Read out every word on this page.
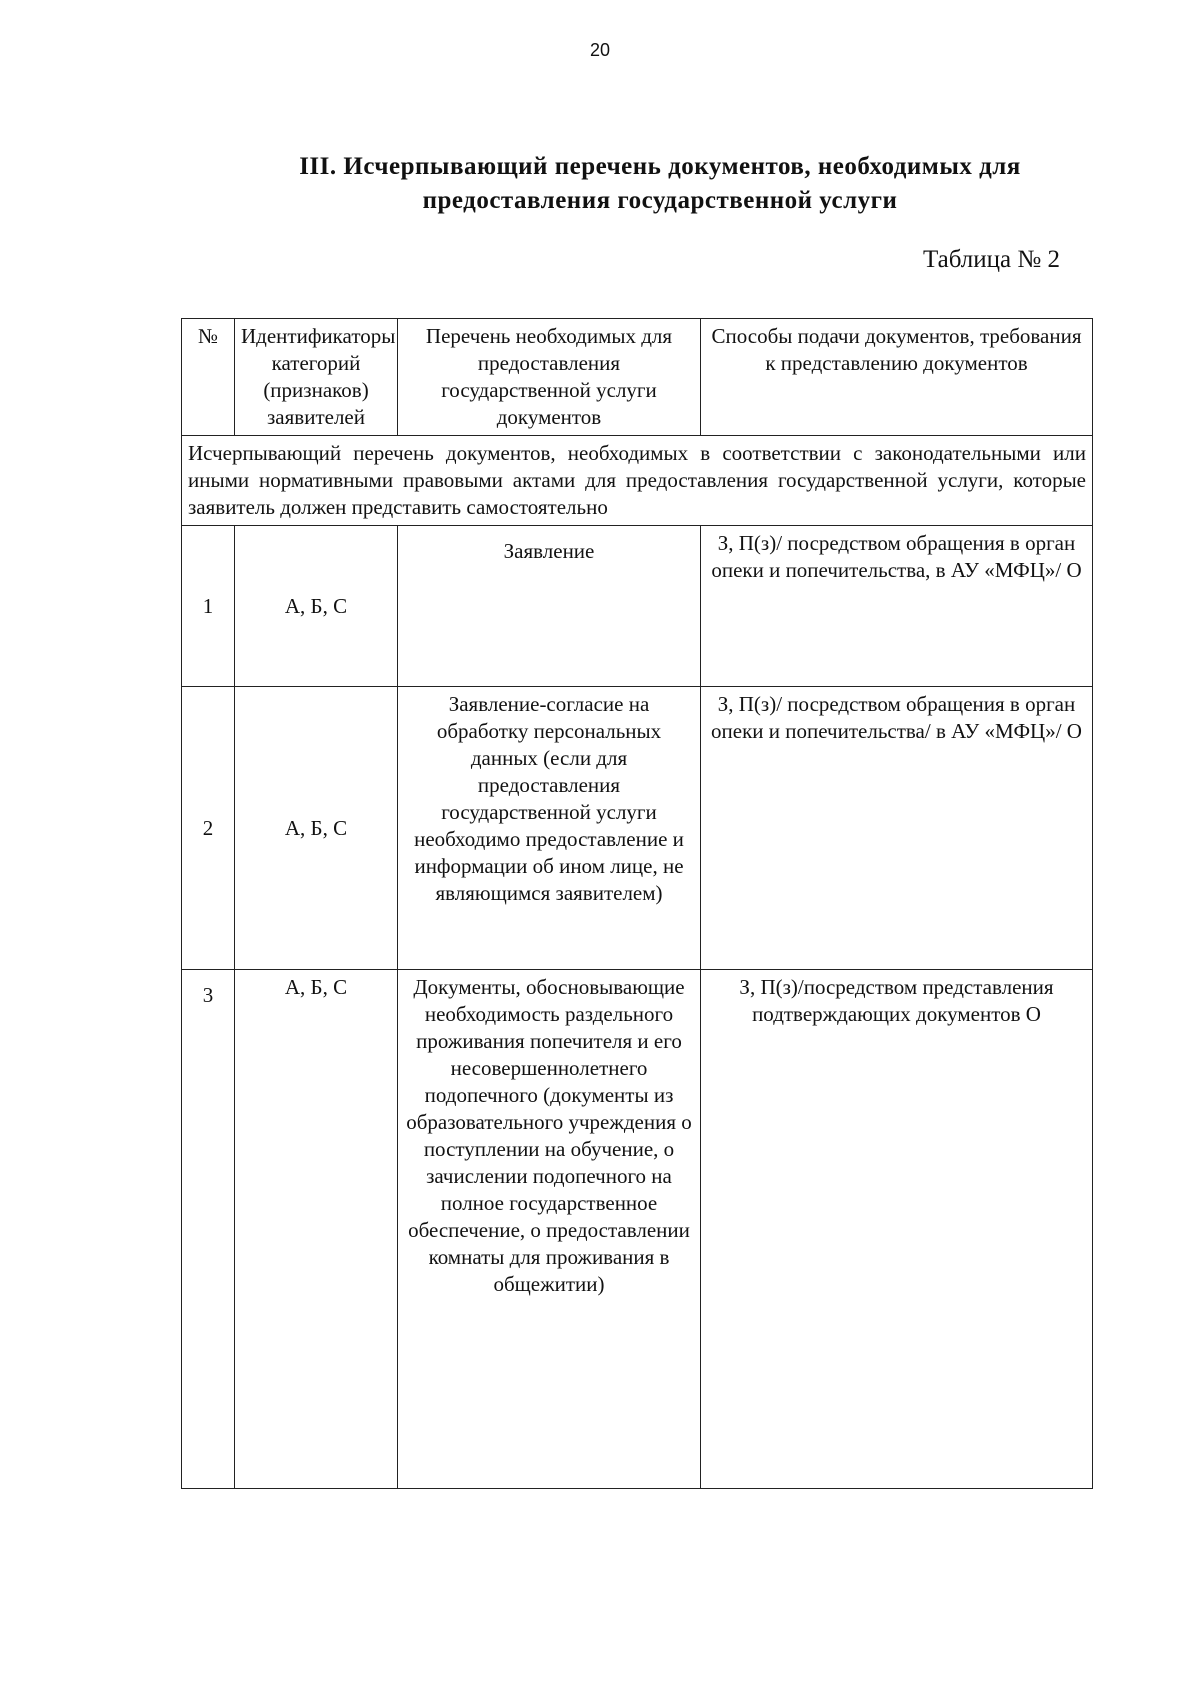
20
III. Исчерпывающий перечень документов, необходимых для
предоставления государственной услуги
Таблица № 2
№	Идентификаторы категорий (признаков) заявителей	Перечень необходимых для предоставления государственной услуги документов	Способы подачи документов, требования к представлению документов
Исчерпывающий перечень документов, необходимых в соответствии с законодательными или иными нормативными правовыми актами для предоставления государственной услуги, которые заявитель должен представить самостоятельно			
1	А, Б, С	Заявление	З, П(з)/ посредством обращения в орган опеки и попечительства, в АУ «МФЦ»/ О
2	А, Б, С	Заявление-согласие на обработку персональных данных (если для предоставления государственной услуги необходимо предоставление и информации об ином лице, не являющимся заявителем)	З, П(з)/ посредством обращения в орган опеки и попечительства/ в АУ «МФЦ»/ О
3	А, Б, С	Документы, обосновывающие необходимость раздельного проживания попечителя и его несовершеннолетнего подопечного (документы из образовательного учреждения о поступлении на обучение, о зачислении подопечного на полное государственное обеспечение, о предоставлении комнаты для проживания в общежитии)	З, П(з)/посредством представления подтверждающих документов О
